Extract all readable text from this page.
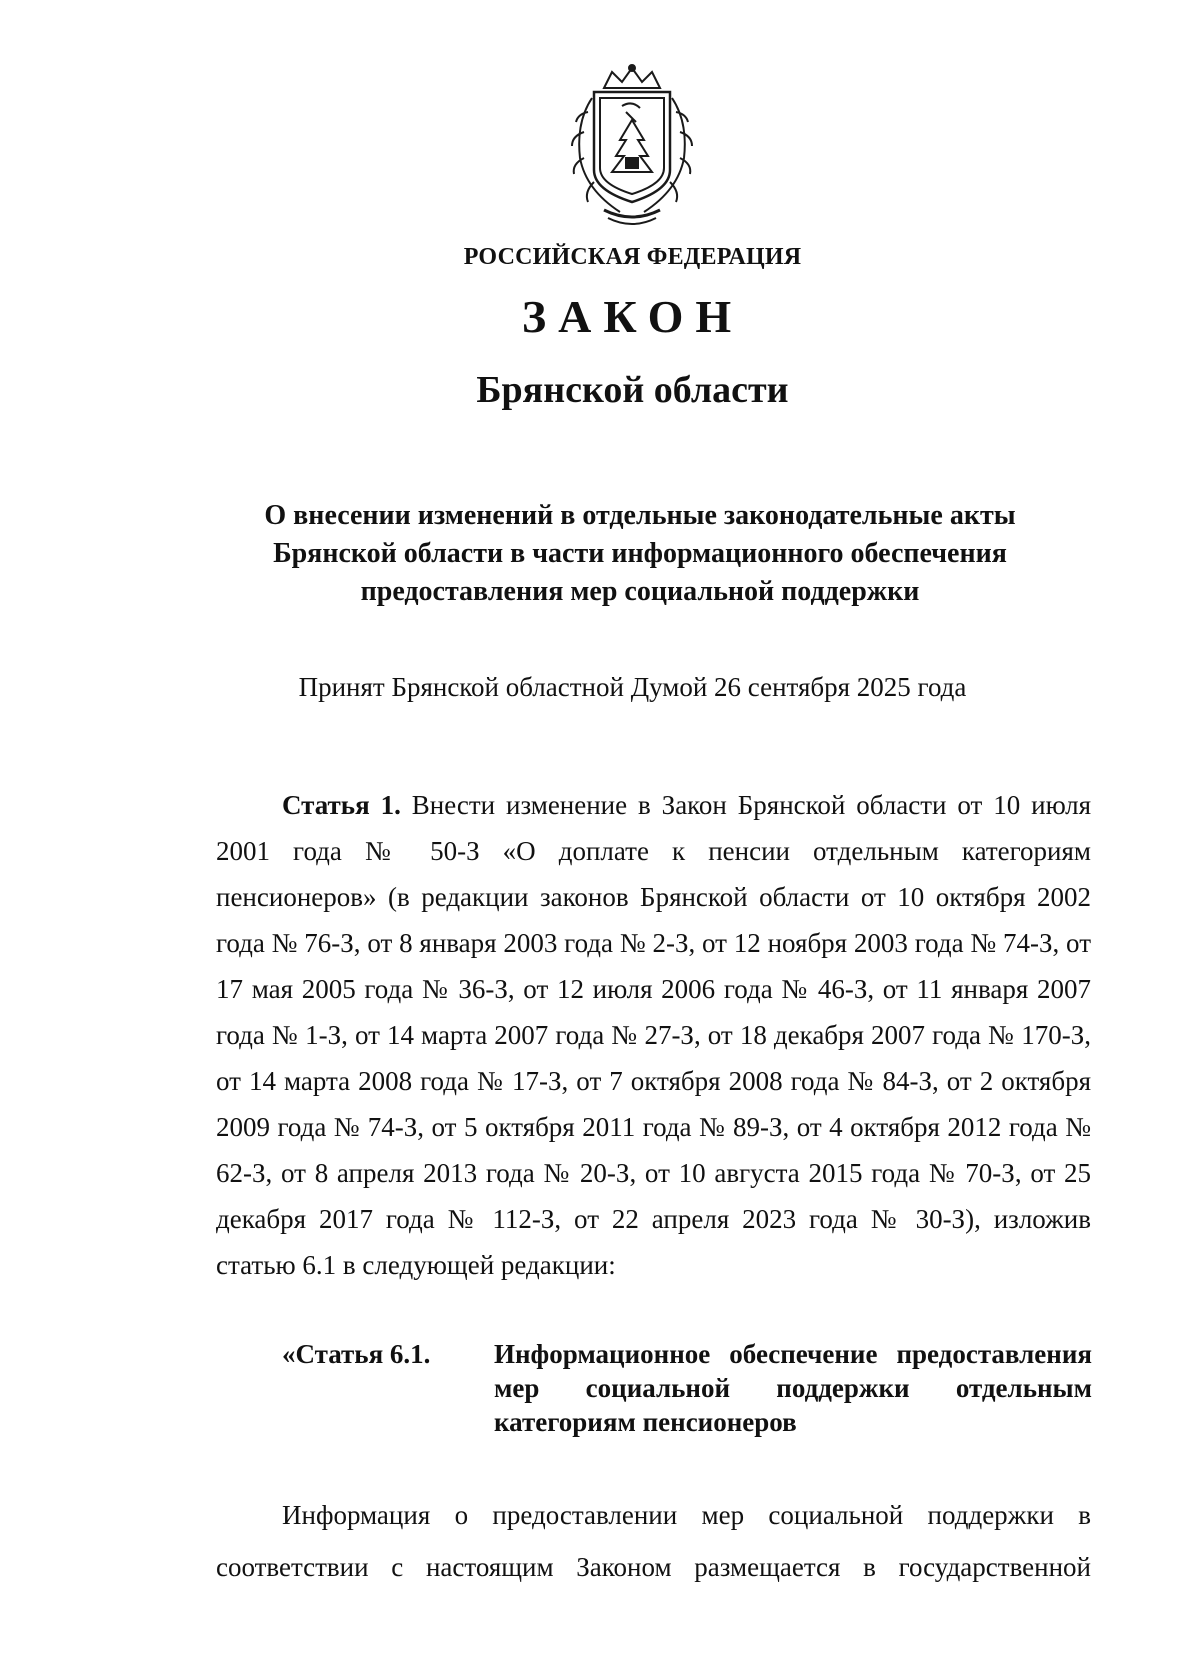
РОССИЙСКАЯ ФЕДЕРАЦИЯ
ЗАКОН
Брянской области
О внесении изменений в отдельные законодательные акты Брянской области в части информационного обеспечения предоставления мер социальной поддержки
Принят Брянской областной Думой 26 сентября 2025 года
Статья 1. Внести изменение в Закон Брянской области от 10 июля 2001 года № 50-З «О доплате к пенсии отдельным категориям пенсионеров» (в редакции законов Брянской области от 10 октября 2002 года № 76-З, от 8 января 2003 года № 2-З, от 12 ноября 2003 года № 74-З, от 17 мая 2005 года № 36-З, от 12 июля 2006 года № 46-З, от 11 января 2007 года № 1-З, от 14 марта 2007 года № 27-З, от 18 декабря 2007 года № 170-З, от 14 марта 2008 года № 17-З, от 7 октября 2008 года № 84-З, от 2 октября 2009 года № 74-З, от 5 октября 2011 года № 89-З, от 4 октября 2012 года № 62-З, от 8 апреля 2013 года № 20-З, от 10 августа 2015 года № 70-З, от 25 декабря 2017 года № 112-З, от 22 апреля 2023 года № 30-З), изложив статью 6.1 в следующей редакции:
«Статья 6.1. Информационное обеспечение предоставления мер социальной поддержки отдельным категориям пенсионеров
Информация о предоставлении мер социальной поддержки в соответствии с настоящим Законом размещается в государственной
